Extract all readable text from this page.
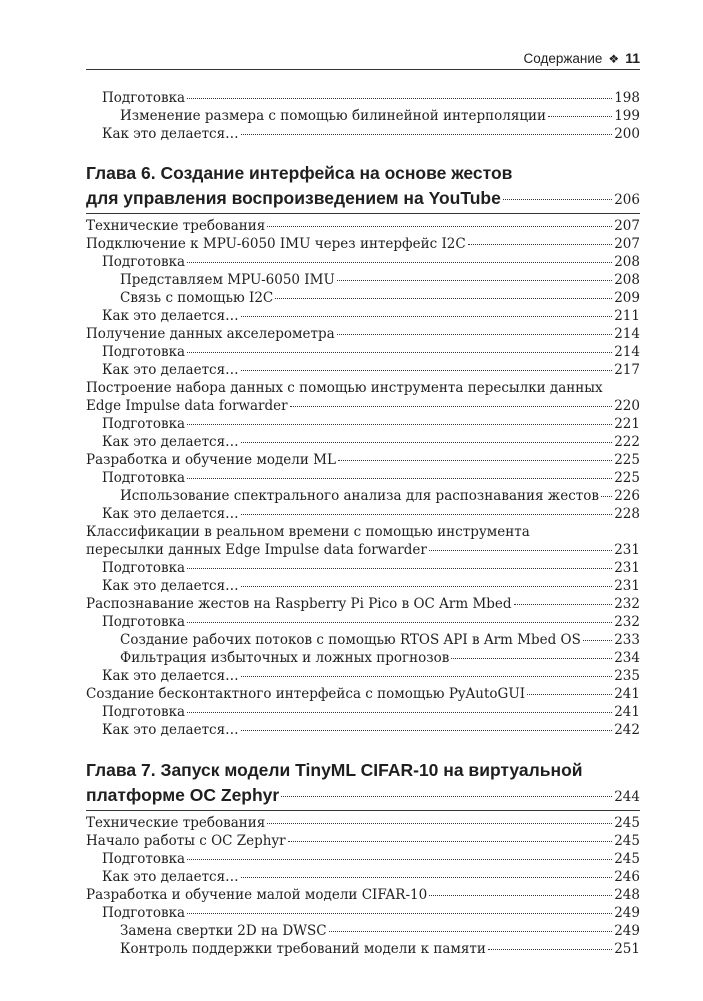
Содержание ❖ 11
Подготовка	198
Изменение размера с помощью билинейной интерполяции	199
Как это делается…	200
Глава 6. Создание интерфейса на основе жестов
для управления воспроизведением на YouTube	206
Технические требования	207
Подключение к MPU-6050 IMU через интерфейс I2C	207
Подготовка	208
Представляем MPU-6050 IMU	208
Связь с помощью I2C	209
Как это делается…	211
Получение данных акселерометра	214
Подготовка	214
Как это делается…	217
Построение набора данных с помощью инструмента пересылки данных
Edge Impulse data forwarder	220
Подготовка	221
Как это делается…	222
Разработка и обучение модели ML	225
Подготовка	225
Использование спектрального анализа для распознавания жестов 226
Как это делается…	228
Классификации в реальном времени с помощью инструмента
пересылки данных Edge Impulse data forwarder	231
Подготовка	231
Как это делается…	231
Распознавание жестов на Raspberry Pi Pico в ОС Arm Mbed	232
Подготовка	232
Создание рабочих потоков с помощью RTOS API в Arm Mbed OS 233
Фильтрация избыточных и ложных прогнозов	234
Как это делается…	235
Создание бесконтактного интерфейса с помощью PyAutoGUI	241
Подготовка	241
Как это делается…	242
Глава 7. Запуск модели TinyML CIFAR-10 на виртуальной
платформе ОС Zephyr	244
Технические требования	245
Начало работы с ОС Zephyr	245
Подготовка	245
Как это делается…	246
Разработка и обучение малой модели CIFAR-10	248
Подготовка	249
Замена свертки 2D на DWSC	249
Контроль поддержки требований модели к памяти	251
